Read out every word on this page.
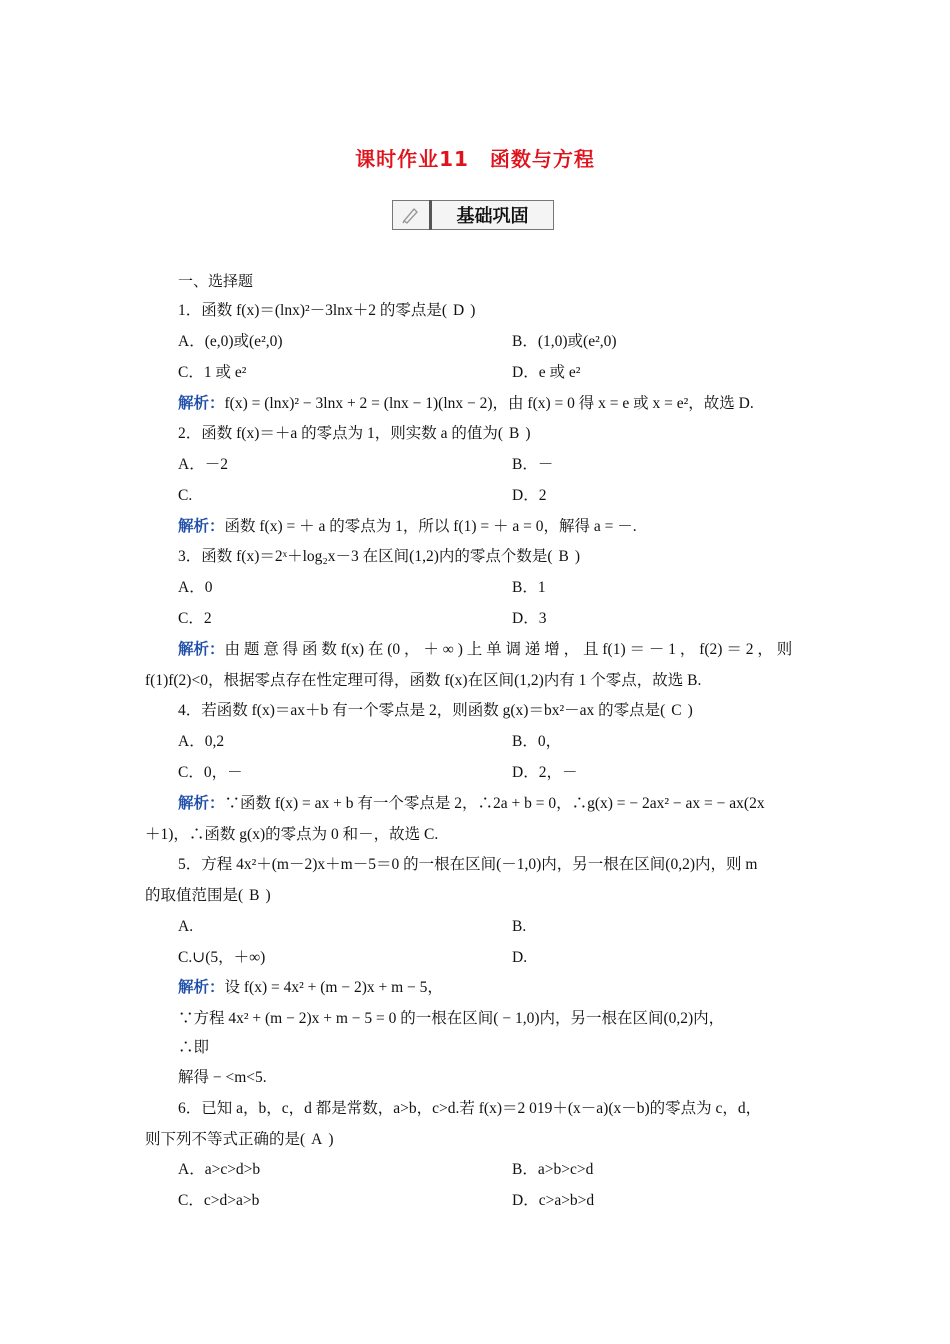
课时作业11　函数与方程
基础巩固
一、选择题
1．函数 f(x)＝(lnx)²－3lnx＋2 的零点是( D )
A．(e,0)或(e²,0)	B．(1,0)或(e²,0)
C．1 或 e²	D．e 或 e²
解析：f(x) = (lnx)² − 3lnx + 2 = (lnx − 1)(lnx − 2)，由 f(x) = 0 得 x = e 或 x = e²，故选 D.
2．函数 f(x)＝＋a 的零点为 1，则实数 a 的值为( B )
A．－2	B．－
C.	D．2
解析：函数 f(x) = ＋ a 的零点为 1，所以 f(1) = ＋ a = 0，解得 a = －.
3．函数 f(x)＝2ˣ＋log₂x－3 在区间(1,2)内的零点个数是( B )
A．0	B．1
C．2	D．3
解析：由 题 意 得 函 数 f(x) 在 (0 ， ＋ ∞ ) 上 单 调 递 增 ， 且 f(1) ＝ － 1 ， f(2) ＝ 2 ， 则
f(1)f(2)<0，根据零点存在性定理可得，函数 f(x)在区间(1,2)内有 1 个零点，故选 B.
4．若函数 f(x)＝ax＋b 有一个零点是 2，则函数 g(x)＝bx²－ax 的零点是( C )
A．0,2	B．0，
C．0，－	D．2，－
解析：∵函数 f(x) = ax + b 有一个零点是 2，∴2a + b = 0，∴g(x) = − 2ax² − ax = − ax(2x
＋1)，∴函数 g(x)的零点为 0 和－，故选 C.
5．方程 4x²＋(m－2)x＋m－5＝0 的一根在区间(－1,0)内，另一根在区间(0,2)内，则 m
的取值范围是( B )
A.	B.
C.∪(5，＋∞)	D.
解析：设 f(x) = 4x² + (m − 2)x + m − 5，
∵方程 4x² + (m − 2)x + m − 5 = 0 的一根在区间( − 1,0)内，另一根在区间(0,2)内，
∴即
解得 − <m<5.
6．已知 a，b，c，d 都是常数，a>b，c>d.若 f(x)＝2 019＋(x－a)(x－b)的零点为 c，d，
则下列不等式正确的是( A )
A．a>c>d>b	B．a>b>c>d
C．c>d>a>b	D．c>a>b>d
